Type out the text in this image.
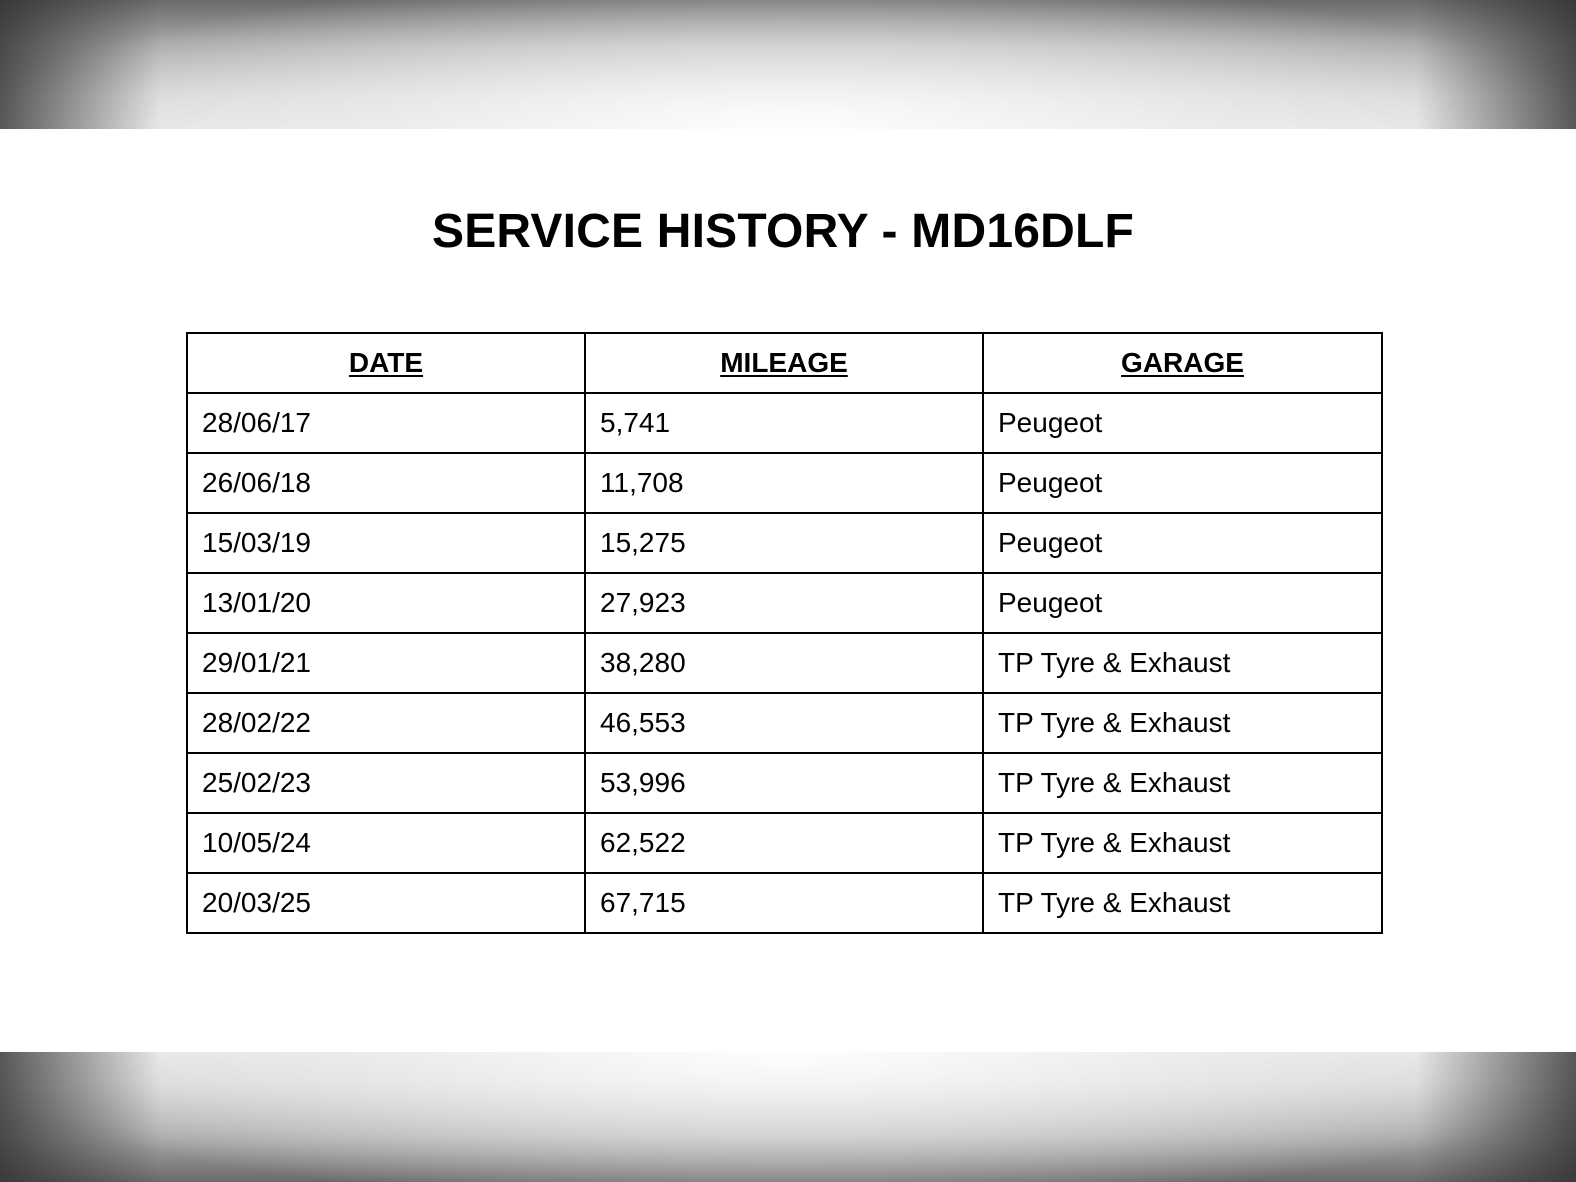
SERVICE HISTORY - MD16DLF
DATE	MILEAGE	GARAGE
28/06/17	5,741	Peugeot
26/06/18	11,708	Peugeot
15/03/19	15,275	Peugeot
13/01/20	27,923	Peugeot
29/01/21	38,280	TP Tyre & Exhaust
28/02/22	46,553	TP Tyre & Exhaust
25/02/23	53,996	TP Tyre & Exhaust
10/05/24	62,522	TP Tyre & Exhaust
20/03/25	67,715	TP Tyre & Exhaust
